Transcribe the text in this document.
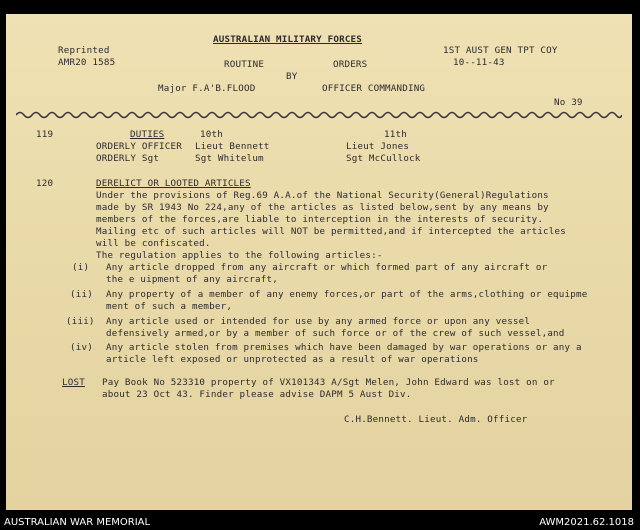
Reprinted
AMR20 1585
AUSTRALIAN MILITARY FORCES
ROUTINE	ORDERS
BY
1ST AUST GEN TPT COY
10--11-43
Major F.A'B.FLOOD	OFFICER COMMANDING
No 39
119	DUTIES	10th	11th
ORDERLY OFFICER Lieut Bennett	Lieut Jones
ORDERLY Sgt	Sgt Whitelum	Sgt McCullock
120	DERELICT OR LOOTED ARTICLES
Under the provisions of Reg.69 A.A.of the National Security(General)Regulations
made by SR 1943 No 224,any of the articles as listed below,sent by any means by
members of the forces,are liable to interception in the interests of security.
Mailing etc of such articles will NOT be permitted,and if intercepted the articles
will be confiscated.
The regulation applies to the following articles:-
(i) Any article dropped from any aircraft or which formed part of any aircraft or
the e uipment of any aircraft,
(ii) Any property of a member of any enemy forces,or part of the arms,clothing or equipme
ment of such a member,
(iii) Any article used or intended for use by any armed force or upon any vessel
defensively armed,or by a member of such force or of the crew of such vessel,and
(iv) Any article stolen from premises which have been damaged by war operations or any a
article left exposed or unprotected as a result of war operations
LOST Pay Book No 523310 property of VX101343 A/Sgt Melen, John Edward was lost on or
about 23 Oct 43. Finder please advise DAPM 5 Aust Div.
C.H.Bennett. Lieut. Adm. Officer
AUSTRALIAN WAR MEMORIAL	AWM2021.62.1018
